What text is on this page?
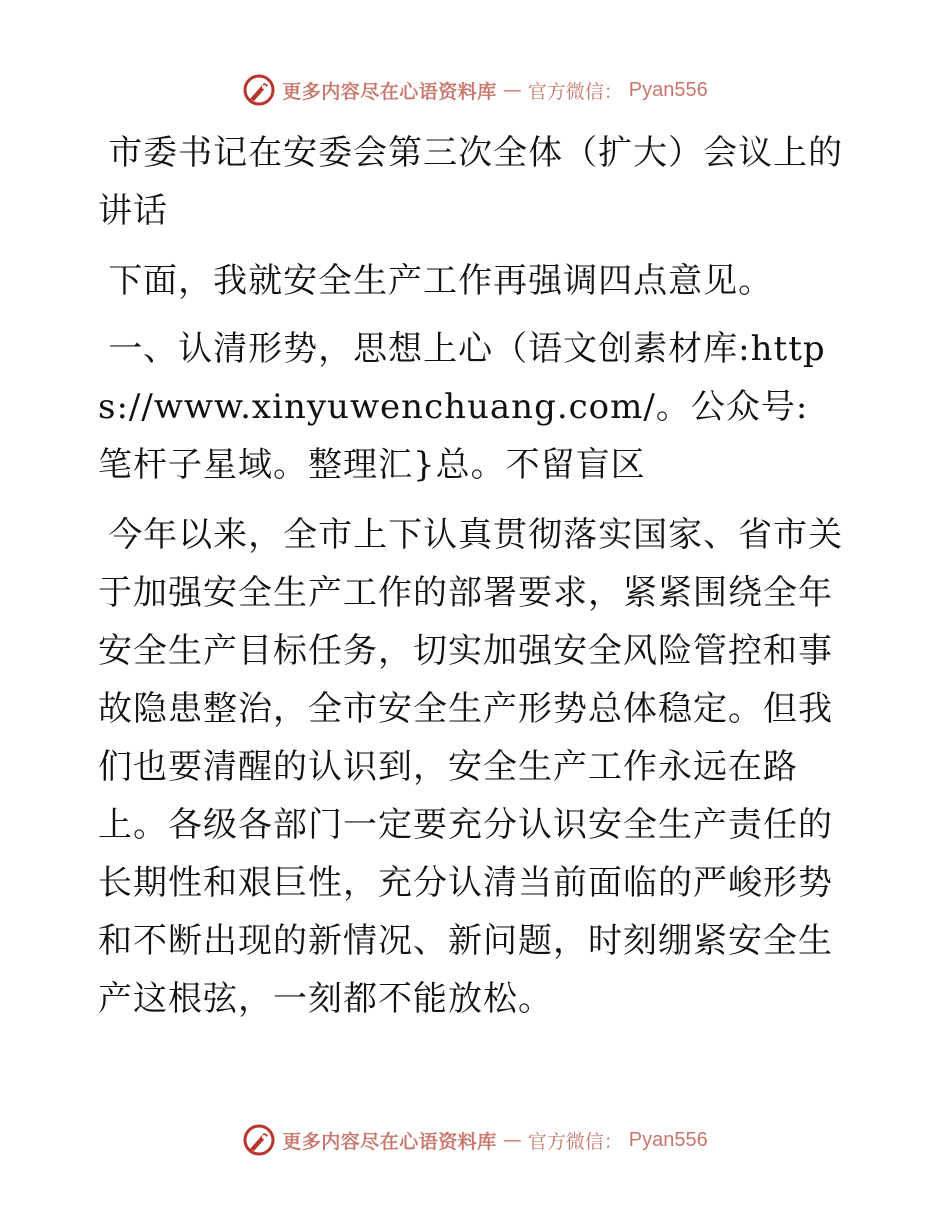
更多内容尽在心语资料库 — 官方微信： Pyan556

市委书记在安委会第三次全体（扩大）会议上的讲话

下面，我就安全生产工作再强调四点意见。

一、认清形势，思想上心（语文创素材库:https://www.xinyuwenchuang.com/。公众号: 笔杆子星域。整理汇}总。不留盲区

今年以来，全市上下认真贯彻落实国家、省市关于加强安全生产工作的部署要求，紧紧围绕全年安全生产目标任务，切实加强安全风险管控和事故隐患整治，全市安全生产形势总体稳定。但我们也要清醒的认识到，安全生产工作永远在路上。各级各部门一定要充分认识安全生产责任的长期性和艰巨性，充分认清当前面临的严峻形势和不断出现的新情况、新问题，时刻绷紧安全生产这根弦，一刻都不能放松。

更多内容尽在心语资料库 — 官方微信： Pyan556
